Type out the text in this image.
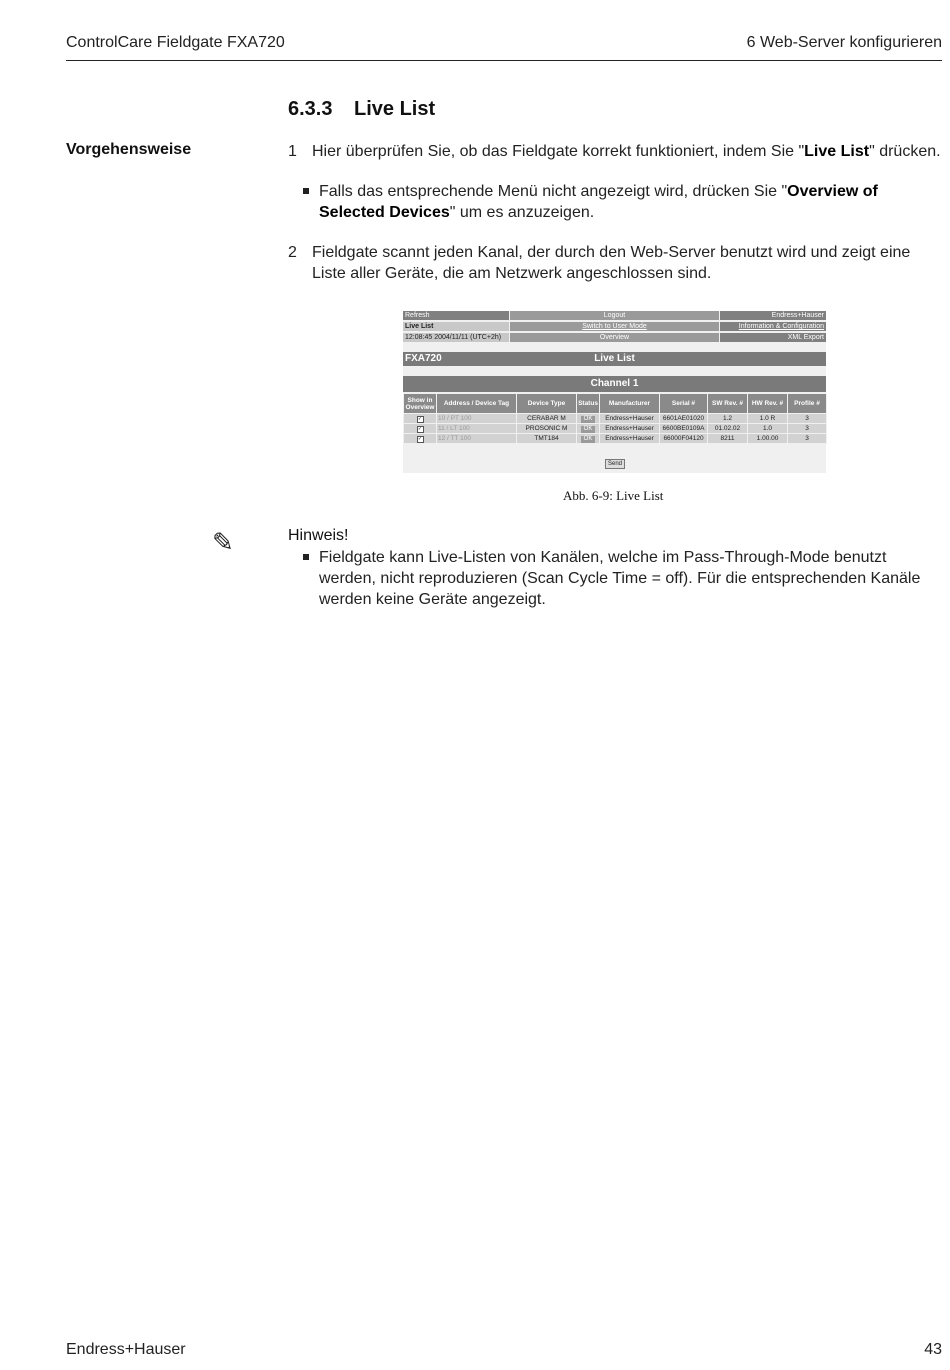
ControlCare Fieldgate FXA720	6 Web-Server konfigurieren
6.3.3 Live List
Vorgehensweise	1 Hier überprüfen Sie, ob das Fieldgate korrekt funktioniert, indem Sie "Live List" drücken.
Falls das entsprechende Menü nicht angezeigt wird, drücken Sie "Overview of Selected Devices" um es anzuzeigen.
2 Fieldgate scannt jeden Kanal, der durch den Web-Server benutzt wird und zeigt eine Liste aller Geräte, die am Netzwerk angeschlossen sind.
Refresh	Logout	Endress+Hauser
Live List	Switch to User Mode	Information & Configuration
12:08:45 2004/11/11 (UTC+2h)	Overview	XML Export
Live List
FXA720
Channel 1
Show in Overview	Address / Device Tag	Device Type	Status	Manufacturer	Serial #	SW Rev. #	HW Rev. #	Profile #
✓	10 / PT 100	CERABAR M	OK	Endress+Hauser	6601AE01020	1.2	1.0 R	3
✓	11 / LT 100	PROSONIC M	OK	Endress+Hauser	6600BE0109A	01.02.02	1.0	3
✓	12 / TT 100	TMT184	OK	Endress+Hauser	66000F04120	8211	1.00.00	3
Send
Abb. 6-9: Live List
✎	Hinweis!
Fieldgate kann Live-Listen von Kanälen, welche im Pass-Through-Mode benutzt werden, nicht reproduzieren (Scan Cycle Time = off). Für die entsprechenden Kanäle werden keine Geräte angezeigt.
Endress+Hauser	43
